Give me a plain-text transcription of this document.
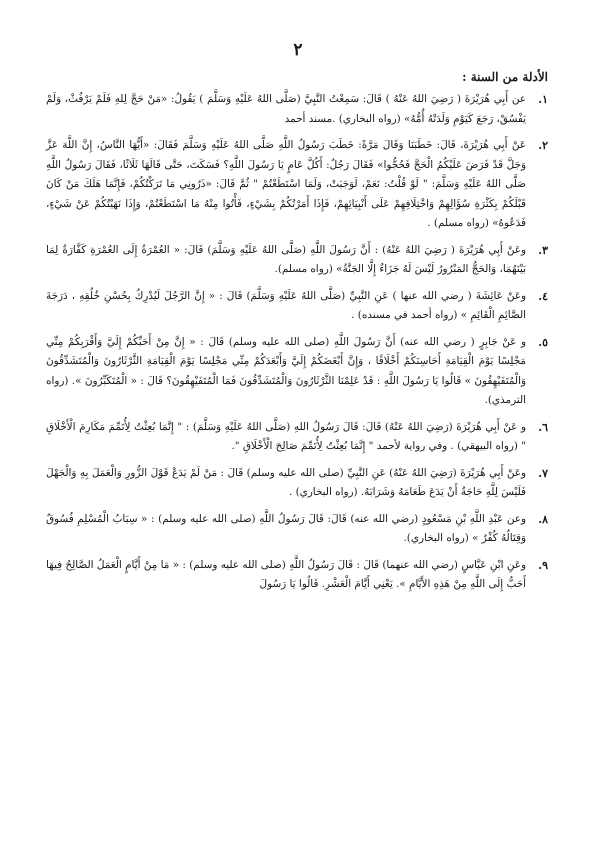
٢
الأدلة من السنة :
١.
عن أَبِي هُرَيْرَةَ ( رَضِيَ اللهُ عَنْهُ ) قَالَ: سَمِعْتُ النَّبِيَّ (صَلَّى اللهُ عَلَيْهِ وَسَلَّمَ ) يَقُولُ: «مَنْ حَجَّ لِلهِ فَلَمْ يَرْفُثْ، وَلَمْ يَفْسُقْ، رَجَعَ كَيَوْمِ وَلَدَتْهُ أُمُّهُ» (رواه البخاري) .مسند أحمد
٢.
عَنْ أَبِي هُرَيْرَةَ، قَالَ: خَطَبَنَا وَقَالَ مَرَّةً: خَطَبَ رَسُولُ اللَّهِ صَلَّى اللهُ عَلَيْهِ وَسَلَّمَ فَقَالَ: «أَيُّهَا النَّاسُ، إِنَّ اللَّهَ عَزَّ وَجَلَّ قَدْ فَرَضَ عَلَيْكُمُ الْحَجَّ فَحُجُّوا» فَقَالَ رَجُلٌ: أَكُلَّ عَامٍ يَا رَسُولَ اللَّهِ؟ فَسَكَتَ، حَتَّى قَالَهَا ثَلَاثًا، فَقَالَ رَسُولُ اللَّهِ صَلَّى اللهُ عَلَيْهِ وَسَلَّمَ: " لَوْ قُلْتُ: نَعَمْ، لَوَجَبَتْ، وَلَمَا اسْتَطَعْتُمْ " ثُمَّ قَالَ: «ذَرُونِي مَا تَرَكْتُكُمْ، فَإِنَّمَا هَلَكَ مَنْ كَانَ قَبْلَكُمْ بِكَثْرَةِ سُؤَالِهِمْ وَاخْتِلَافِهِمْ عَلَى أَنْبِيَائِهِمْ، فَإِذَا أَمَرْتُكُمْ بِشَيْءٍ، فَأْتُوا مِنْهُ مَا اسْتَطَعْتُمْ، وَإِذَا نَهَيْتُكُمْ عَنْ شَيْءٍ، فَدَعُوهُ» (رواه مسلم) .
٣.
وعَنْ أَبِي هُرَيْرَةَ ( رَضِيَ اللهُ عَنْهُ) : أَنَّ رَسُولَ اللَّهِ (صَلَّى اللهُ عَلَيْهِ وَسَلَّمَ) قَالَ: « العُمْرَةُ إِلَى العُمْرَةِ كَفَّارَةٌ لِمَا بَيْنَهُمَا، وَالحَجُّ المَبْرُورُ لَيْسَ لَهُ جَزَاءٌ إِلَّا الجَنَّةُ» (رواه مسلم).
٤.
وعَنْ عَائِشَةَ ( رضي الله عنها ) عَنِ النَّبِيِّ (صَلَّى اللهُ عَلَيْهِ وَسَلَّمَ) قَالَ : « إِنَّ الرَّجُلَ لَيُدْرِكُ بِحُسْنِ خُلُقِهِ ، دَرَجَةَ الصَّائِمِ الْقَائِمِ » (رواه أحمد في مسنده) .
٥.
و عَنْ جَابِرٍ ( رضي الله عنه) أَنَّ رَسُولَ اللَّهِ (صلى الله عليه وسلم) قَالَ : « إِنَّ مِنْ أَحَبِّكُمْ إِلَيَّ وَأَقْرَبِكُمْ مِنِّي مَجْلِسًا يَوْمَ الْقِيَامَةِ أَحَاسِنَكُمْ أَخْلَاقًا ، وَإِنَّ أَبْغَضَكُمْ إِلَيَّ وَأَبْعَدَكُمْ مِنِّي مَجْلِسًا يَوْمَ الْقِيَامَةِ الثَّرْثَارُونَ وَالْمُتَشَدِّقُونَ وَالْمُتَفَيْهِقُونَ » قَالُوا يَا رَسُولَ اللَّهِ : قَدْ عَلِمْنَا الثَّرْثَارُونَ وَالْمُتَشَدِّقُونَ فَمَا الْمُتَفَيْهِقُونَ؟ قَالَ : « الْمُتَكَبِّرُونَ ». (رواه الترمذي).
٦.
و عَنْ أَبِي هُرَيْرَةَ (رَضِيَ اللهُ عَنْهُ) قَالَ: قَالَ رَسُولُ اللهِ (صَلَّى اللهُ عَلَيْهِ وَسَلَّمَ) : " إِنَّمَا بُعِثْتُ لِأُتَمِّمَ مَكَارِمَ الْأَخْلَاقِ " (رواه البيهقي) . وفي رواية لأحمد " إِنَّمَا بُعِثْتُ لِأُتَمِّمَ صَالِحَ الْأَخْلَاقِ ".
٧.
وعَنْ أَبِي هُرَيْرَةَ (رَضِيَ اللهُ عَنْهُ) عَنِ النَّبِيِّ (صلى الله عليه وسلم) قَالَ : مَنْ لَمْ يَدَعْ قَوْلَ الزُّورِ وَالْعَمَلَ بِهِ وَالْجَهْلَ فَلَيْسَ لِلَّهِ حَاجَةٌ أَنْ يَدَعَ طَعَامَهُ وَشَرَابَهُ. (رواه البخاري) .
٨.
وعن عَبْدِ اللَّهِ بْنِ مَسْعُودٍ (رضي الله عنه) قَالَ: قَالَ رَسُولُ اللَّهِ (صلى الله عليه وسلم) : « سِبَابُ الْمُسْلِمِ فُسُوقٌ وَقِتَالُهُ كُفْرٌ » (رواه البخاري).
٩.
وعَنِ ابْنِ عَبَّاسٍ (رضي الله عنهما) قَالَ : قَالَ رَسُولُ اللَّهِ (صلى الله عليه وسلم) : « مَا مِنْ أَيَّامٍ الْعَمَلُ الصَّالِحُ فِيهَا أَحَبُّ إِلَى اللَّهِ مِنْ هَذِهِ الأَيَّامِ ». يَعْنِي أَيَّامَ الْعَشْرِ. قَالُوا يَا رَسُولَ
